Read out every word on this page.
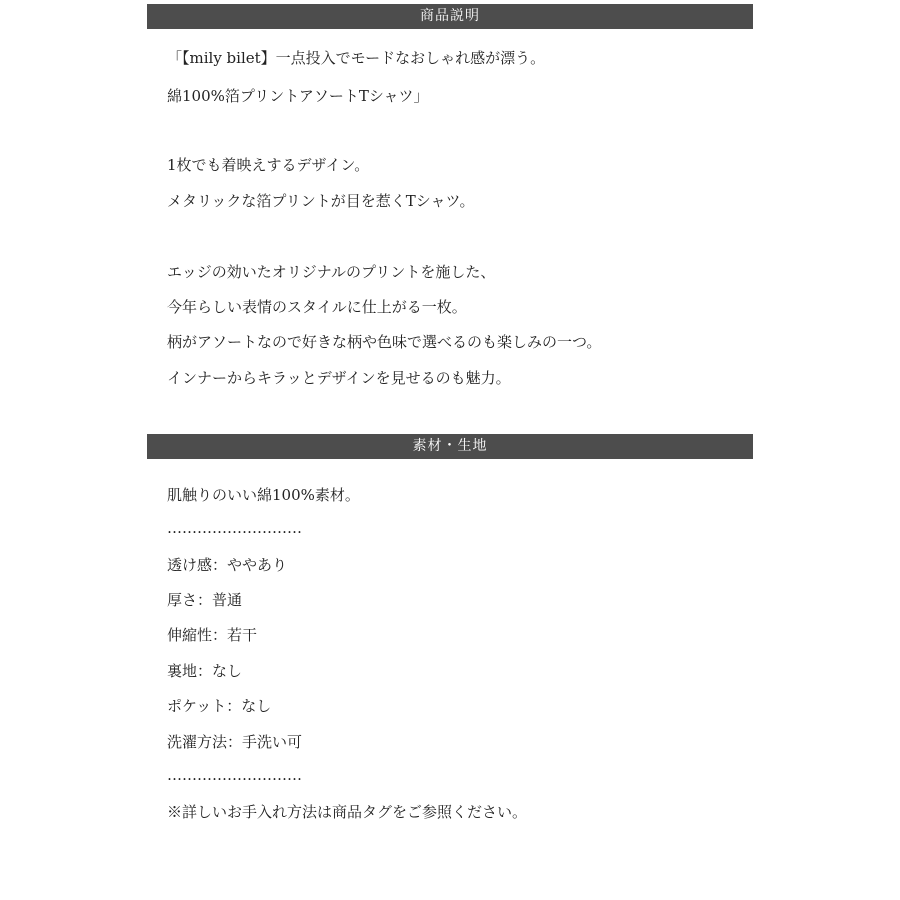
商品説明
「【mily bilet】一点投入でモードなおしゃれ感が漂う。
綿100%箔プリントアソートTシャツ」
1枚でも着映えするデザイン。
メタリックな箔プリントが目を惹くTシャツ。
エッジの効いたオリジナルのプリントを施した、
今年らしい表情のスタイルに仕上がる一枚。
柄がアソートなので好きな柄や色味で選べるのも楽しみの一つ。
インナーからキラッとデザインを見せるのも魅力。
素材・生地
肌触りのいい綿100%素材。
………………………
透け感：ややあり
厚さ：普通
伸縮性：若干
裏地：なし
ポケット：なし
洗濯方法：手洗い可
………………………
※詳しいお手入れ方法は商品タグをご参照ください。
